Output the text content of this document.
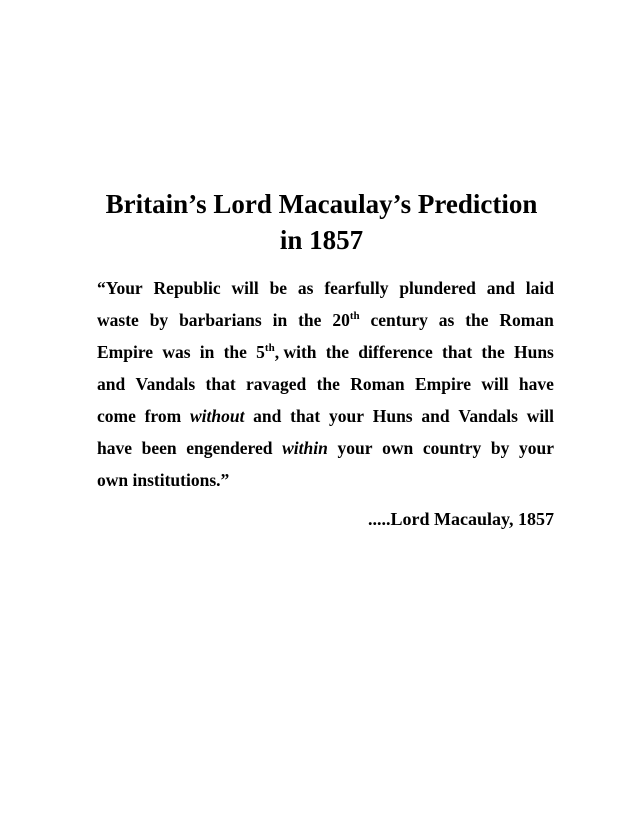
Britain’s Lord Macaulay’s Prediction
in 1857
“Your Republic will be as fearfully plundered and laid
waste by barbarians in the 20th century as the Roman
Empire was in the 5th, with the difference that the Huns
and Vandals that ravaged the Roman Empire will have
come from without and that your Huns and Vandals will
have been engendered within your own country by your
own
institutions.”

.....Lord Macaulay, 1857
